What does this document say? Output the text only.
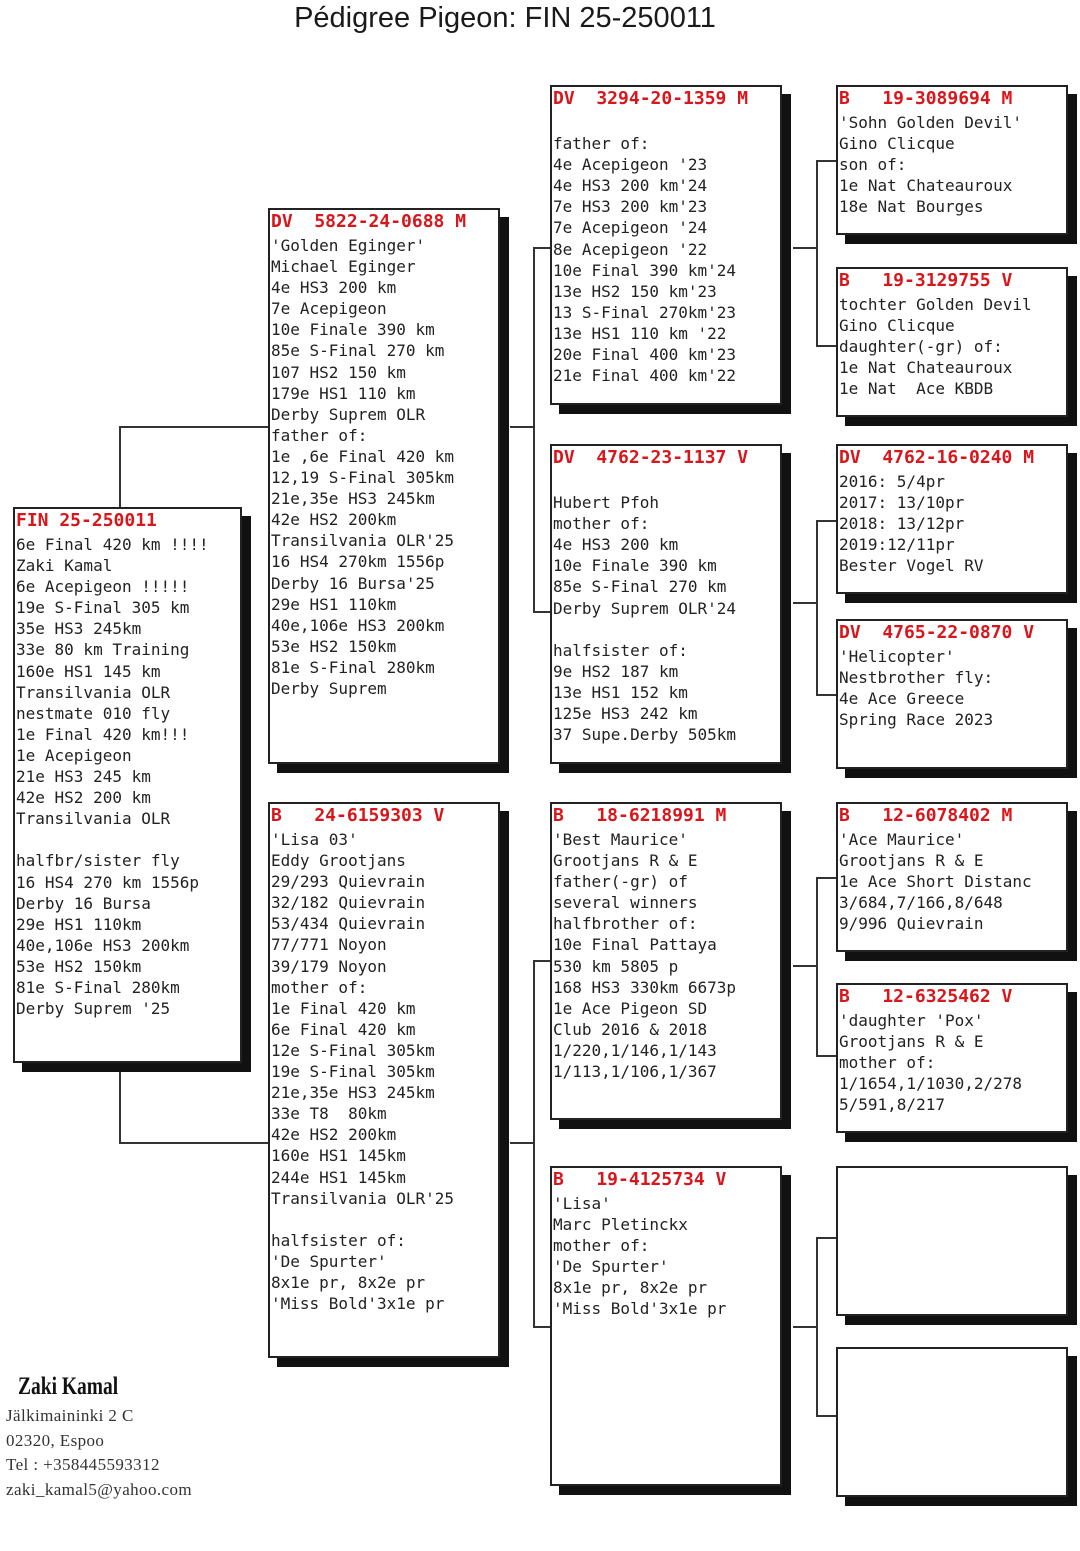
Pédigree Pigeon: FIN 25-250011
FIN 25-250011
6e Final 420 km !!!!
Zaki Kamal
6e Acepigeon !!!!!
19e S-Final 305 km
35e HS3 245km
33e 80 km Training
160e HS1 145 km
Transilvania OLR
nestmate 010 fly
1e Final 420 km!!!
1e Acepigeon
21e HS3 245 km
42e HS2 200 km
Transilvania OLR
halfbr/sister fly
16 HS4 270 km 1556p
Derby 16 Bursa
29e HS1 110km
40e,106e HS3 200km
53e HS2 150km
81e S-Final 280km
Derby Suprem '25
DV  5822-24-0688 M
'Golden Eginger'
Michael Eginger
4e HS3 200 km
7e Acepigeon
10e Finale 390 km
85e S-Final 270 km
107 HS2 150 km
179e HS1 110 km
Derby Suprem OLR
father of:
1e ,6e Final 420 km
12,19 S-Final 305km
21e,35e HS3 245km
42e HS2 200km
Transilvania OLR'25
16 HS4 270km 1556p
Derby 16 Bursa'25
29e HS1 110km
40e,106e HS3 200km
53e HS2 150km
81e S-Final 280km
Derby Suprem
B   24-6159303 V
'Lisa 03'
Eddy Grootjans
29/293 Quievrain
32/182 Quievrain
53/434 Quievrain
77/771 Noyon
39/179 Noyon
mother of:
1e Final 420 km
6e Final 420 km
12e S-Final 305km
19e S-Final 305km
21e,35e HS3 245km
33e T8  80km
42e HS2 200km
160e HS1 145km
244e HS1 145km
Transilvania OLR'25
halfsister of:
'De Spurter'
8x1e pr, 8x2e pr
'Miss Bold'3x1e pr
DV  3294-20-1359 M
father of:
4e Acepigeon '23
4e HS3 200 km'24
7e HS3 200 km'23
7e Acepigeon '24
8e Acepigeon '22
10e Final 390 km'24
13e HS2 150 km'23
13 S-Final 270km'23
13e HS1 110 km '22
20e Final 400 km'23
21e Final 400 km'22
DV  4762-23-1137 V
Hubert Pfoh
mother of:
4e HS3 200 km
10e Finale 390 km
85e S-Final 270 km
Derby Suprem OLR'24
halfsister of:
9e HS2 187 km
13e HS1 152 km
125e HS3 242 km
37 Supe.Derby 505km
B   18-6218991 M
'Best Maurice'
Grootjans R & E
father(-gr) of
several winners
halfbrother of:
10e Final Pattaya
530 km 5805 p
168 HS3 330km 6673p
1e Ace Pigeon SD
Club 2016 & 2018
1/220,1/146,1/143
1/113,1/106,1/367
B   19-4125734 V
'Lisa'
Marc Pletinckx
mother of:
'De Spurter'
8x1e pr, 8x2e pr
'Miss Bold'3x1e pr
B   19-3089694 M
'Sohn Golden Devil'
Gino Clicque
son of:
1e Nat Chateauroux
18e Nat Bourges
B   19-3129755 V
tochter Golden Devil
Gino Clicque
daughter(-gr) of:
1e Nat Chateauroux
1e Nat  Ace KBDB
DV  4762-16-0240 M
2016: 5/4pr
2017: 13/10pr
2018: 13/12pr
2019:12/11pr
Bester Vogel RV
DV  4765-22-0870 V
'Helicopter'
Nestbrother fly:
4e Ace Greece
Spring Race 2023
B   12-6078402 M
'Ace Maurice'
Grootjans R & E
1e Ace Short Distanc
3/684,7/166,8/648
9/996 Quievrain
B   12-6325462 V
'daughter 'Pox'
Grootjans R & E
mother of:
1/1654,1/1030,2/278
5/591,8/217
Zaki Kamal
Jälkimaininki 2 C
02320, Espoo
Tel : +358445593312
zaki_kamal5@yahoo.com
